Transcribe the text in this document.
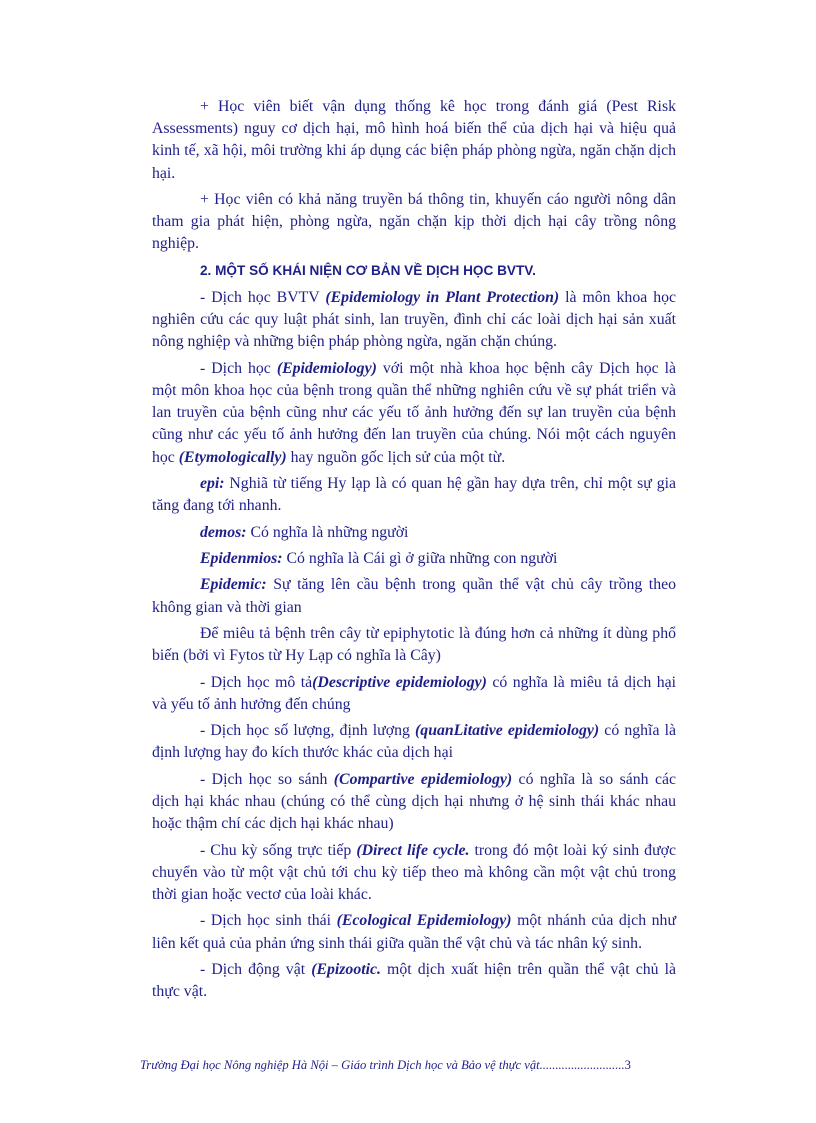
+ Học viên biết vận dụng thống kê học trong đánh giá (Pest Risk Assessments) nguy cơ dịch hại, mô hình hoá biến thể của dịch hại và hiệu quả kinh tế, xã hội, môi trường khi áp dụng các biện pháp phòng ngừa, ngăn chặn dịch hại.

+ Học viên có khả năng truyền bá thông tin, khuyến cáo người nông dân tham gia phát hiện, phòng ngừa, ngăn chặn kịp thời dịch hại cây trồng nông nghiệp.

2. MỘT SỐ KHÁI NIỆN CƠ BẢN VỀ DỊCH HỌC BVTV.

- Dịch học BVTV (Epidemiology in Plant Protection) là môn khoa học nghiên cứu các quy luật phát sinh, lan truyền, đình chỉ các loài dịch hại sản xuất nông nghiệp và những biện pháp phòng ngừa, ngăn chặn chúng.

- Dịch học (Epidemiology) với một nhà khoa học bệnh cây Dịch học là một môn khoa học của bệnh trong quần thể những nghiên cứu về sự phát triển và lan truyền của bệnh cũng như các yếu tố ảnh hưởng đến sự lan truyền của bệnh cũng như các yếu tố ảnh hưởng đến lan truyền của chúng. Nói một cách nguyên học (Etymologically) hay nguồn gốc lịch sử của một từ.

epi: Nghiã từ tiếng Hy lạp là có quan hệ gần hay dựa trên, chỉ một sự gia tăng đang tới nhanh.

demos: Có nghĩa là những người

Epidenmios: Có nghĩa là Cái gì ở giữa những con người

Epidemic: Sự tăng lên cầu bệnh trong quần thể vật chủ cây trồng theo không gian và thời gian

Để miêu tả bệnh trên cây từ epiphytotic là đúng hơn cả những ít dùng phổ biến (bởi vì Fytos từ Hy Lạp có nghĩa là Cây)

- Dịch học mô tả(Descriptive epidemiology) có nghĩa là miêu tả dịch hại và yếu tố ảnh hưởng đến chúng

- Dịch học số lượng, định lượng (quanLitative epidemiology) có nghĩa là định lượng hay đo kích thước khác của dịch hại

- Dịch học so sánh (Compartive epidemiology) có nghĩa là so sánh các dịch hại khác nhau (chúng có thể cùng dịch hại nhưng ở hệ sinh thái khác nhau hoặc thậm chí các dịch hại khác nhau)

- Chu kỳ sống trực tiếp (Direct life cycle. trong đó một loài ký sinh được chuyển vào từ một vật chủ tới chu kỳ tiếp theo mà không cần một vật chủ trong thời gian hoặc vectơ của loài khác.

- Dịch học sinh thái (Ecological Epidemiology) một nhánh của dịch như liên kết quả của phản ứng sinh thái giữa quần thể vật chủ và tác nhân ký sinh.

- Dịch động vật (Epizootic. một dịch xuất hiện trên quần thể vật chủ là thực vật.

Trường Đại học Nông nghiệp Hà Nội – Giáo trình Dịch học và Bảo vệ thực vật...........................3
